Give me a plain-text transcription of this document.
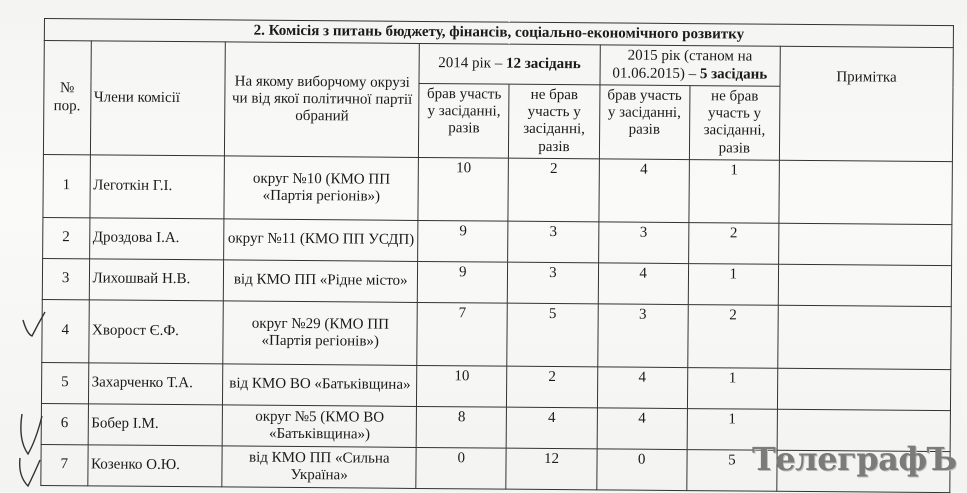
2. Комісія з питань бюджету, фінансів, соціально-економічного розвитку							
№ пор.	Члени комісії	На якому виборчому окрузі чи від якої політичної партії обраний	2014 рік – 12 засідань		2015 рік (станом на 01.06.2015) – 5 засідань		Примітка
			брав участь у засіданні, разів	не брав участь у засіданні, разів	брав участь у засіданні, разів	не брав участь у засіданні, разів	
1	Леготкін Г.І.	округ №10 (КМО ПП «Партія регіонів»)	10	2	4	1	
2	Дроздова І.А.	округ №11 (КМО ПП УСДП)	9	3	3	2	
3	Лихошвай Н.В.	від КМО ПП «Рідне місто»	9	3	4	1	
4	Хворост Є.Ф.	округ №29 (КМО ПП «Партія регіонів»)	7	5	3	2	
5	Захарченко Т.А.	від КМО ВО «Батьківщина»	10	2	4	1	
6	Бобер І.М.	округ №5 (КМО ВО «Батьківщина»)	8	4	4	1	
7	Козенко О.Ю.	від КМО ПП «Сильна Україна»	0	12	0	5	ТелеграфЪ
